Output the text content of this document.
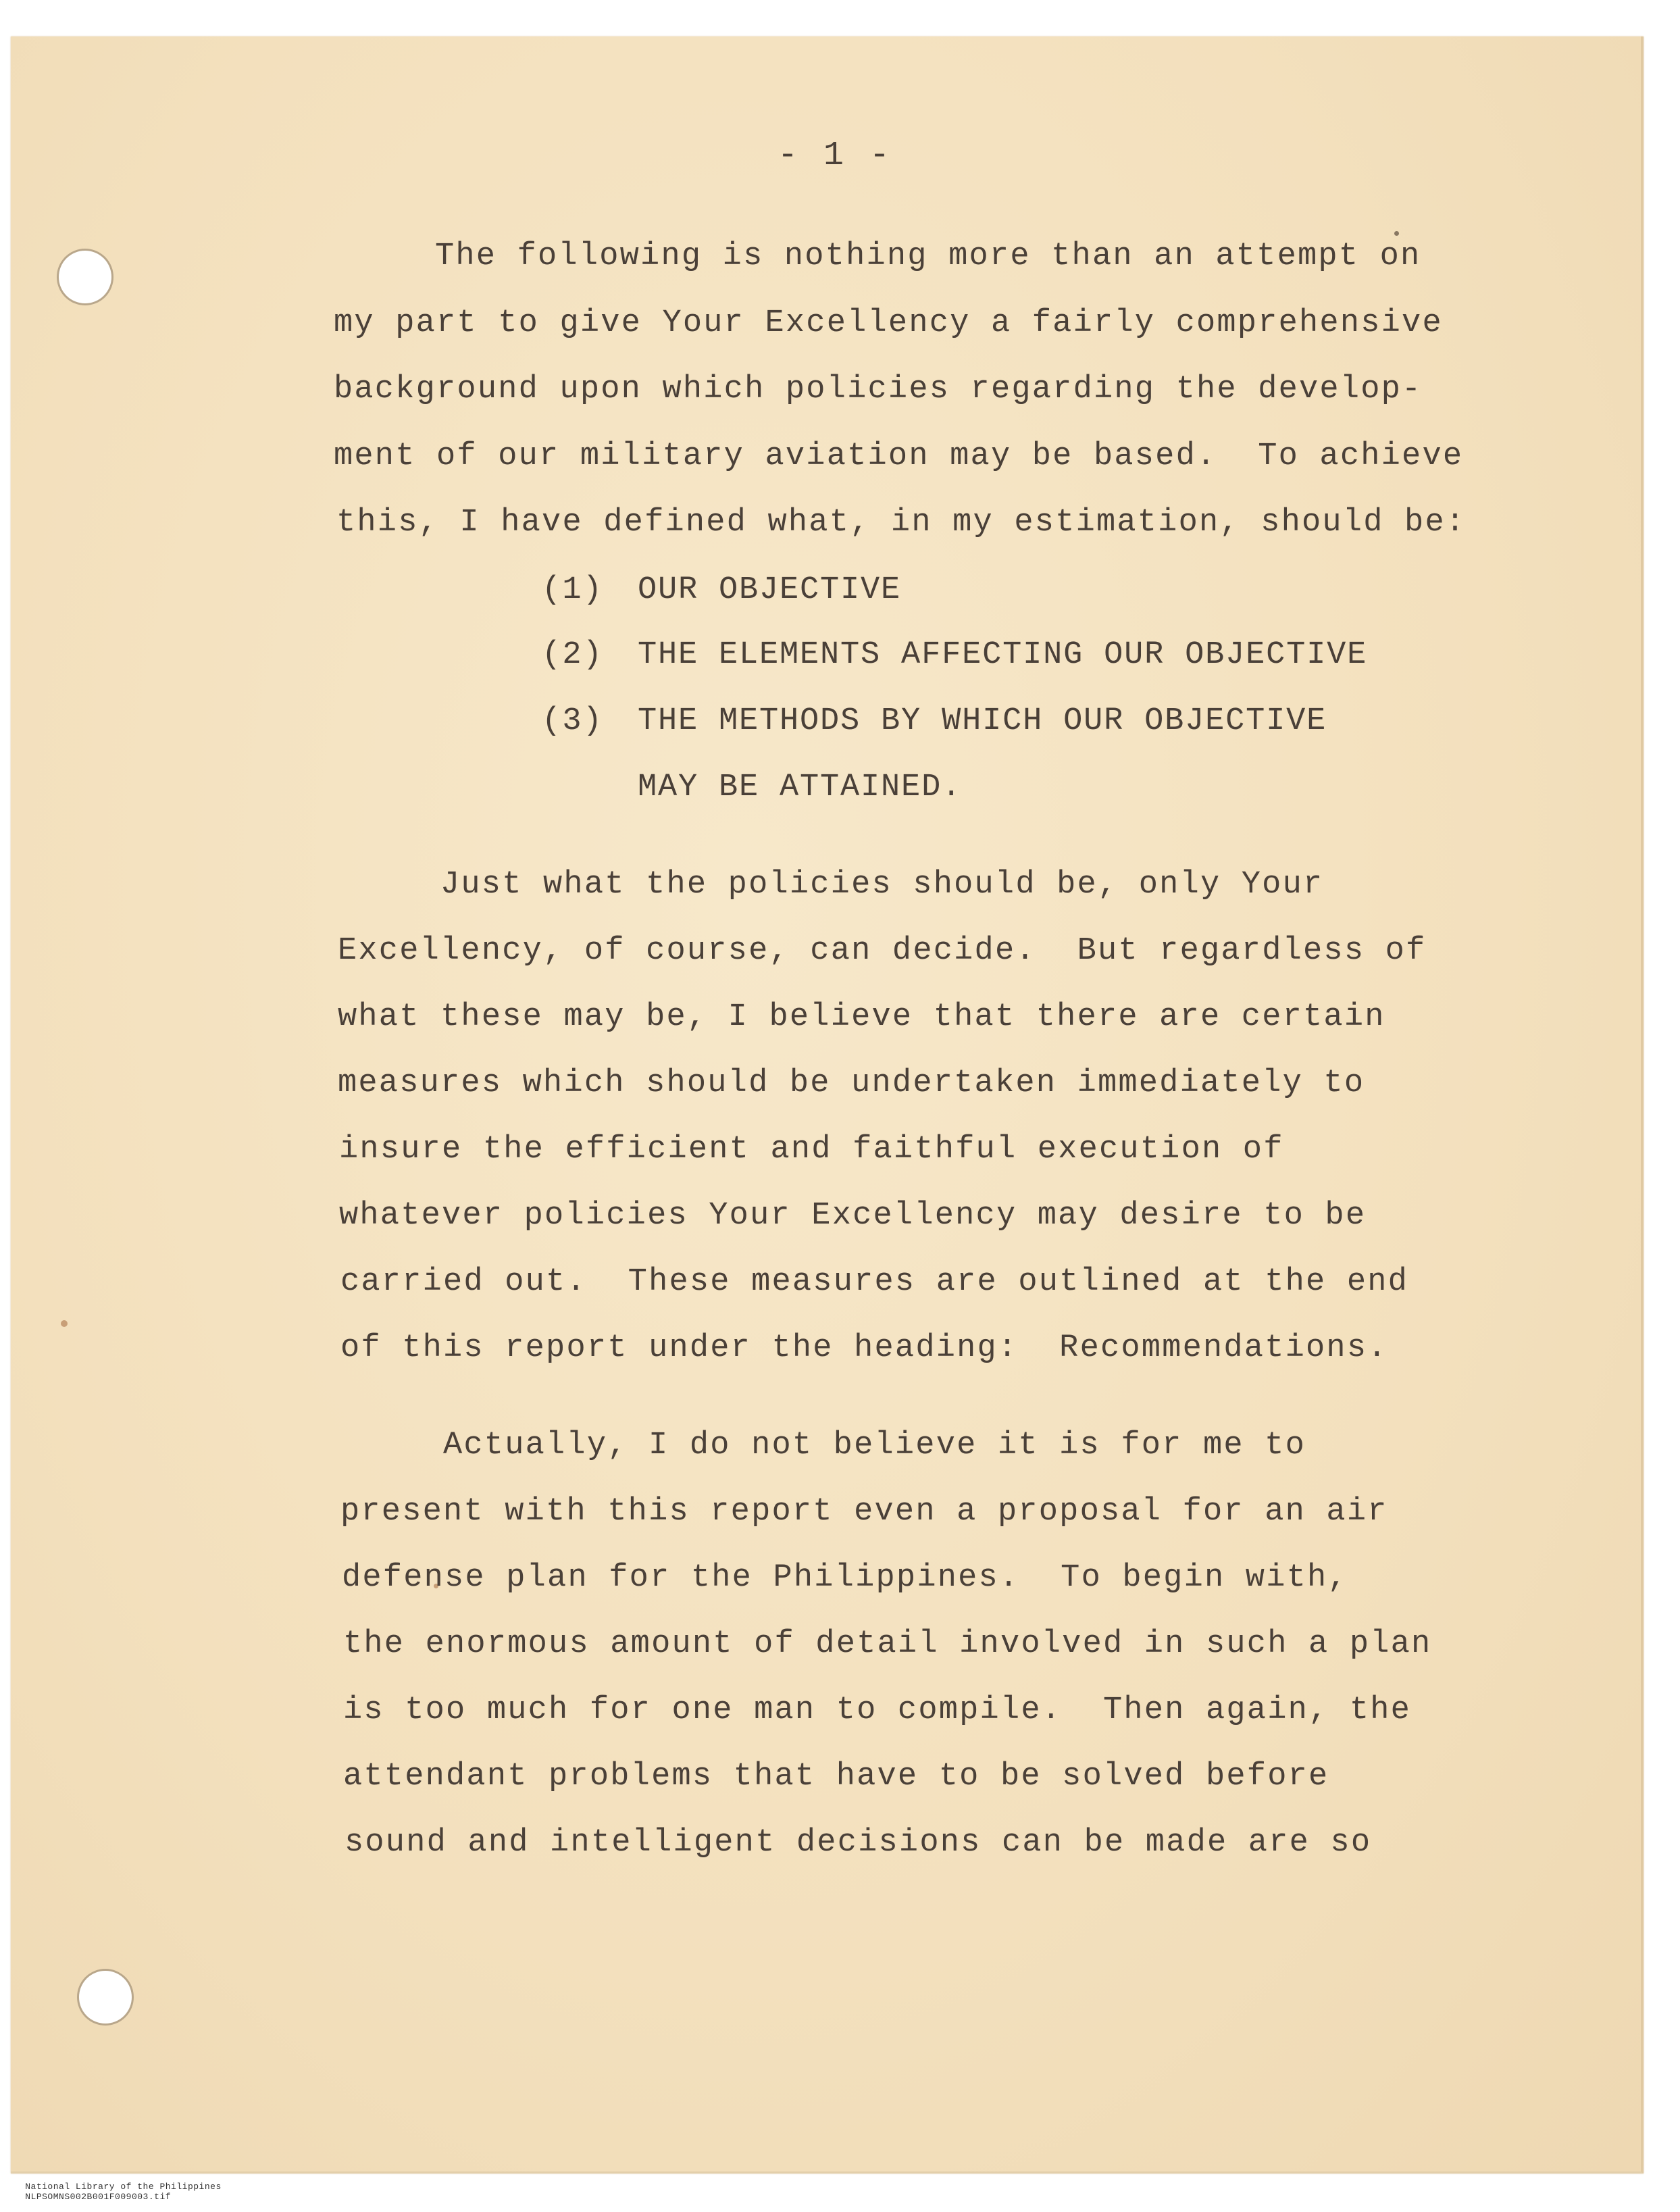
- 1 -
The following is nothing more than an attempt on
my part to give Your Excellency a fairly comprehensive
background upon which policies regarding the develop-
ment of our military aviation may be based.  To achieve
this, I have defined what, in my estimation, should be:
(1) OUR OBJECTIVE
(2) THE ELEMENTS AFFECTING OUR OBJECTIVE
(3) THE METHODS BY WHICH OUR OBJECTIVE
MAY BE ATTAINED.
Just what the policies should be, only Your
Excellency, of course, can decide.  But regardless of
what these may be, I believe that there are certain
measures which should be undertaken immediately to
insure the efficient and faithful execution of
whatever policies Your Excellency may desire to be
carried out.  These measures are outlined at the end
of this report under the heading:  Recommendations.
Actually, I do not believe it is for me to
present with this report even a proposal for an air
defense plan for the Philippines.  To begin with,
the enormous amount of detail involved in such a plan
is too much for one man to compile.  Then again, the
attendant problems that have to be solved before
sound and intelligent decisions can be made are so

National Library of the Philippines
NLPSOMNS002B001F009003.tif
